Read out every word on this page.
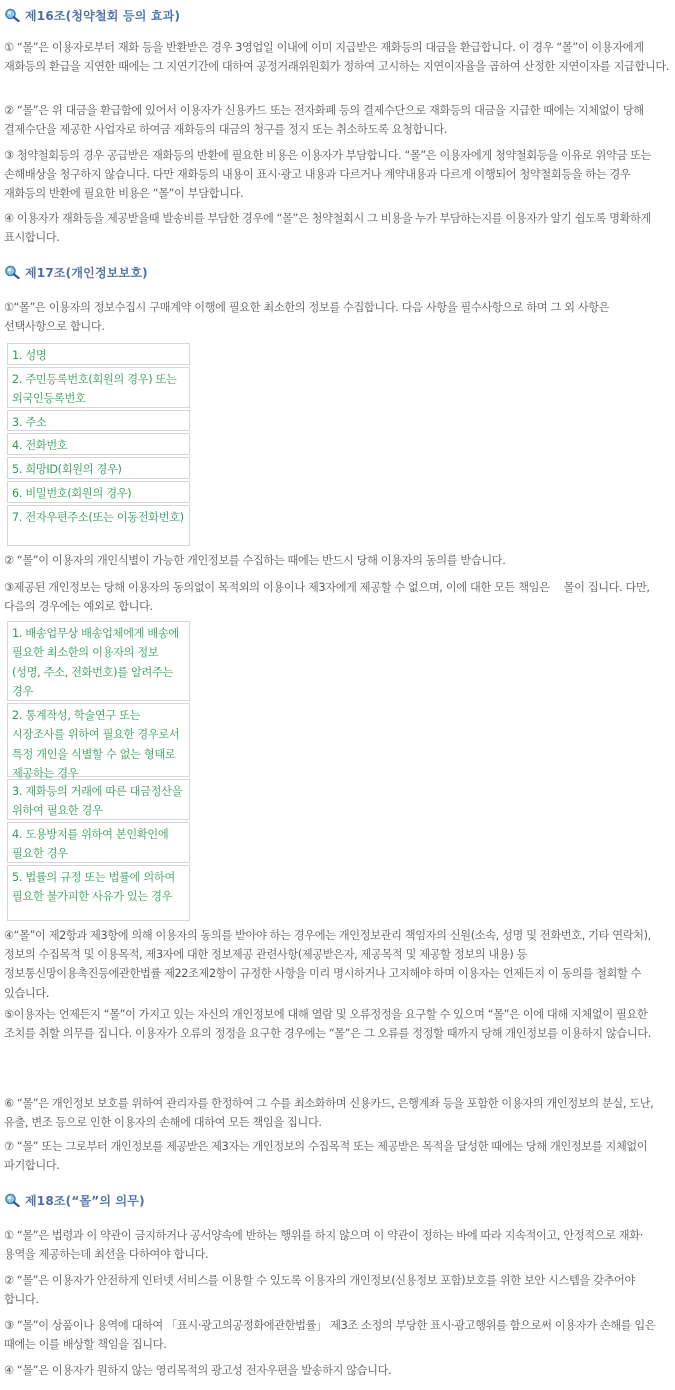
제16조(청약철회 등의 효과)
① “몰”은 이용자로부터 재화 등을 반환받은 경우 3영업일 이내에 이미 지급받은 재화등의 대금을 환급합니다. 이 경우 “몰”이 이용자에게 재화등의 환급을 지연한 때에는 그 지연기간에 대하여 공정거래위원회가 정하여 고시하는 지연이자율을 곱하여 산정한 지연이자를 지급합니다.
② “몰”은 위 대금을 환급함에 있어서 이용자가 신용카드 또는 전자화폐 등의 결제수단으로 재화등의 대금을 지급한 때에는 지체없이 당해 결제수단을 제공한 사업자로 하여금 재화등의 대금의 청구를 정지 또는 취소하도록 요청합니다.
③ 청약철회등의 경우 공급받은 재화등의 반환에 필요한 비용은 이용자가 부담합니다. “몰”은 이용자에게 청약철회등을 이유로 위약금 또는 손해배상을 청구하지 않습니다. 다만 재화등의 내용이 표시·광고 내용과 다르거나 계약내용과 다르게 이행되어 청약철회등을 하는 경우 재화등의 반환에 필요한 비용은 “몰”이 부담합니다.
④ 이용자가 재화등을 제공받을때 발송비를 부담한 경우에 “몰”은 청약철회시 그 비용을 누가 부담하는지를 이용자가 알기 쉽도록 명확하게 표시합니다.
제17조(개인정보보호)
①“몰”은 이용자의 정보수집시 구매계약 이행에 필요한 최소한의 정보를 수집합니다. 다음 사항을 필수사항으로 하며 그 외 사항은 선택사항으로 합니다.
1. 성명
2. 주민등록번호(회원의 경우) 또는 외국인등록번호
3. 주소
4. 전화번호
5. 희망ID(회원의 경우)
6. 비밀번호(회원의 경우)
7. 전자우편주소(또는 이동전화번호)
② “몰”이 이용자의 개인식별이 가능한 개인정보를 수집하는 때에는 반드시 당해 이용자의 동의를 받습니다.
③제공된 개인정보는 당해 이용자의 동의없이 목적외의 이용이나 제3자에게 제공할 수 없으며, 이에 대한 모든 책임은 　몰이 집니다. 다만, 다음의 경우에는 예외로 합니다.
1. 배송업무상 배송업체에게 배송에 필요한 최소한의 이용자의 정보(성명, 주소, 전화번호)를 알려주는 경우
2. 통계작성, 학술연구 또는 시장조사를 위하여 필요한 경우로서 특정 개인을 식별할 수 없는 형태로 제공하는 경우
3. 재화등의 거래에 따른 대금정산을 위하여 필요한 경우
4. 도용방지를 위하여 본인확인에 필요한 경우
5. 법률의 규정 또는 법률에 의하여 필요한 불가피한 사유가 있는 경우
④“몰”이 제2항과 제3항에 의해 이용자의 동의를 받아야 하는 경우에는 개인정보관리 책임자의 신원(소속, 성명 및 전화번호, 기타 연락처), 정보의 수집목적 및 이용목적, 제3자에 대한 정보제공 관련사항(제공받은자, 제공목적 및 제공할 정보의 내용) 등 정보통신망이용촉진등에관한법률 제22조제2항이 규정한 사항을 미리 명시하거나 고지해야 하며 이용자는 언제든지 이 동의를 철회할 수 있습니다.
⑤이용자는 언제든지 “몰”이 가지고 있는 자신의 개인정보에 대해 열람 및 오류정정을 요구할 수 있으며 “몰”은 이에 대해 지체없이 필요한 조치를 취할 의무를 집니다. 이용자가 오류의 정정을 요구한 경우에는 “몰”은 그 오류를 정정할 때까지 당해 개인정보를 이용하지 않습니다.
⑥ “몰”은 개인정보 보호를 위하여 관리자를 한정하여 그 수를 최소화하며 신용카드, 은행계좌 등을 포함한 이용자의 개인정보의 분실, 도난, 유출, 변조 등으로 인한 이용자의 손해에 대하여 모든 책임을 집니다.
⑦ “몰” 또는 그로부터 개인정보를 제공받은 제3자는 개인정보의 수집목적 또는 제공받은 목적을 달성한 때에는 당해 개인정보를 지체없이 파기합니다.
제18조(“몰”의 의무)
① “몰”은 법령과 이 약관이 금지하거나 공서양속에 반하는 행위를 하지 않으며 이 약관이 정하는 바에 따라 지속적이고, 안정적으로 재화·용역을 제공하는데 최선을 다하여야 합니다.
② “몰”은 이용자가 안전하게 인터넷 서비스를 이용할 수 있도록 이용자의 개인정보(신용정보 포함)보호를 위한 보안 시스템을 갖추어야 합니다.
③ “몰”이 상품이나 용역에 대하여 「표시·광고의공정화에관한법률」 제3조 소정의 부당한 표시·광고행위를 함으로써 이용자가 손해를 입은 때에는 이를 배상할 책임을 집니다.
④ “몰”은 이용자가 원하지 않는 영리목적의 광고성 전자우편을 발송하지 않습니다.
